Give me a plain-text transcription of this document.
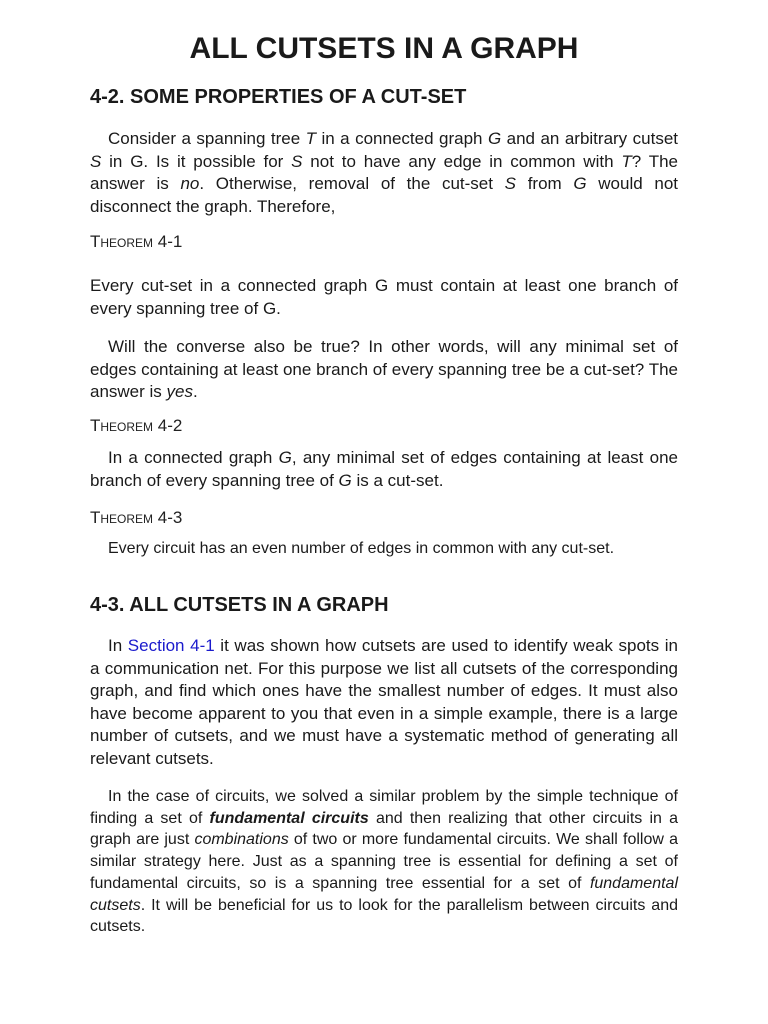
ALL CUTSETS IN A GRAPH
4-2. SOME PROPERTIES OF A CUT-SET

Consider a spanning tree T in a connected graph G and an arbitrary cutset S in G. Is it possible for S not to have any edge in common with T? The answer is no. Otherwise, removal of the cut-set S from G would not disconnect the graph. Therefore,

Theorem 4-1

Every cut-set in a connected graph G must contain at least one branch of every spanning tree of G.

Will the converse also be true? In other words, will any minimal set of edges containing at least one branch of every spanning tree be a cut-set? The answer is yes.

Theorem 4-2

In a connected graph G, any minimal set of edges containing at least one branch of every spanning tree of G is a cut-set.

Theorem 4-3

Every circuit has an even number of edges in common with any cut-set.

4-3. ALL CUTSETS IN A GRAPH

In Section 4-1 it was shown how cutsets are used to identify weak spots in a communication net. For this purpose we list all cutsets of the corresponding graph, and find which ones have the smallest number of edges. It must also have become apparent to you that even in a simple example, there is a large number of cutsets, and we must have a systematic method of generating all relevant cutsets.

In the case of circuits, we solved a similar problem by the simple technique of finding a set of fundamental circuits and then realizing that other circuits in a graph are just combinations of two or more fundamental circuits. We shall follow a similar strategy here. Just as a spanning tree is essential for defining a set of fundamental circuits, so is a spanning tree essential for a set of fundamental cutsets. It will be beneficial for us to look for the parallelism between circuits and cutsets.
